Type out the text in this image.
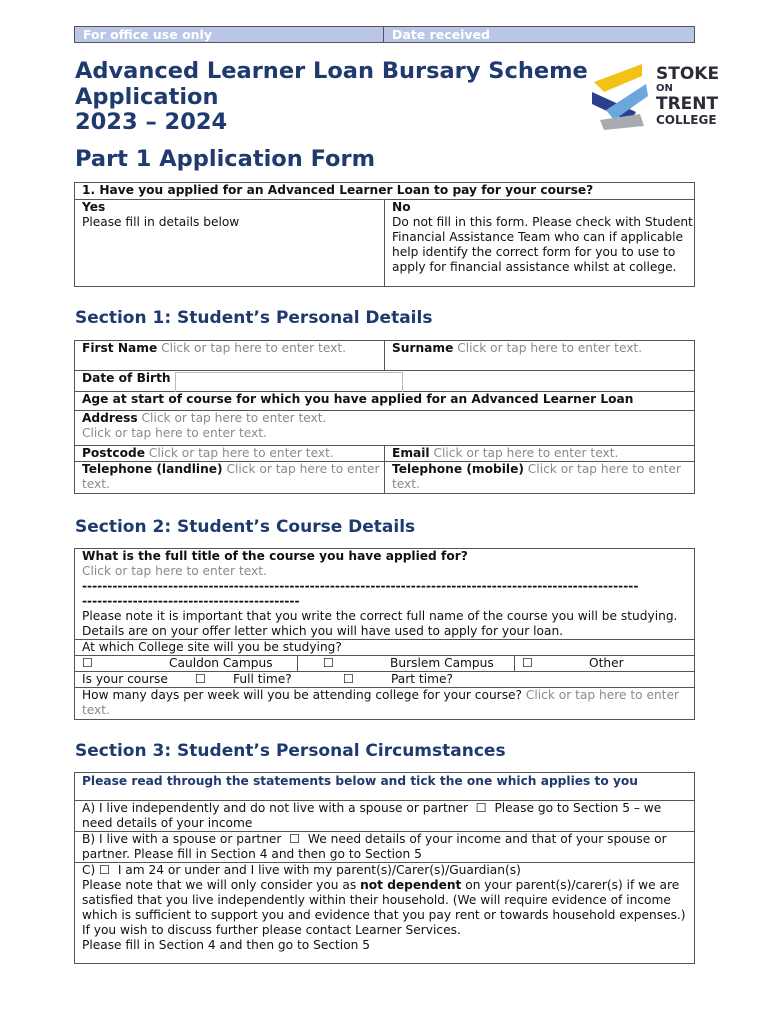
For office use only	Date received
Advanced Learner Loan Bursary Scheme
Application
2023 – 2024
STOKE
ON
TRENT
COLLEGE
Part 1 Application Form
1. Have you applied for an Advanced Learner Loan to pay for your course?

Yes
Please fill in details below

No
Do not fill in this form. Please check with Student Financial Assistance Team who can if applicable help identify the correct form for you to use to apply for financial assistance whilst at college.
Section 1: Student’s Personal Details
First Name Click or tap here to enter text.	Surname Click or tap here to enter text.
Date of Birth	

Age at start of course for which you have applied for an Advanced Learner Loan	
Address Click or tap here to enter text.
Click or tap here to enter text.	
Postcode Click or tap here to enter text.	Email Click or tap here to enter text.
Telephone (landline) Click or tap here to enter text.	Telephone (mobile) Click or tap here to enter text.
Section 2: Student’s Course Details
What is the full title of the course you have applied for?
Click or tap here to enter text.
--------------------------------------------------------------------------------------------------------------
-------------------------------------------
Please note it is important that you write the correct full name of the course you will be studying. Details are on your offer letter which you will have used to apply for your loan.

At which College site will you be studying?
☐	Cauldon Campus	☐	Burslem Campus	☐	Other
Is your course ☐ Full time?	☐	Part time?

How many days per week will you be attending college for your course? Click or tap here to enter text.
Section 3: Student’s Personal Circumstances
Please read through the statements below and tick the one which applies to you
A) I live independently and do not live with a spouse or partner ☐ Please go to Section 5 – we need details of your income
B) I live with a spouse or partner ☐ We need details of your income and that of your spouse or partner. Please fill in Section 4 and then go to Section 5

C) ☐ I am 24 or under and I live with my parent(s)/Carer(s)/Guardian(s)
Please note that we will only consider you as not dependent on your parent(s)/carer(s) if we are satisfied that you live independently within their household. (We will require evidence of income which is sufficient to support you and evidence that you pay rent or towards household expenses.) If you wish to discuss further please contact Learner Services.
Please fill in Section 4 and then go to Section 5
